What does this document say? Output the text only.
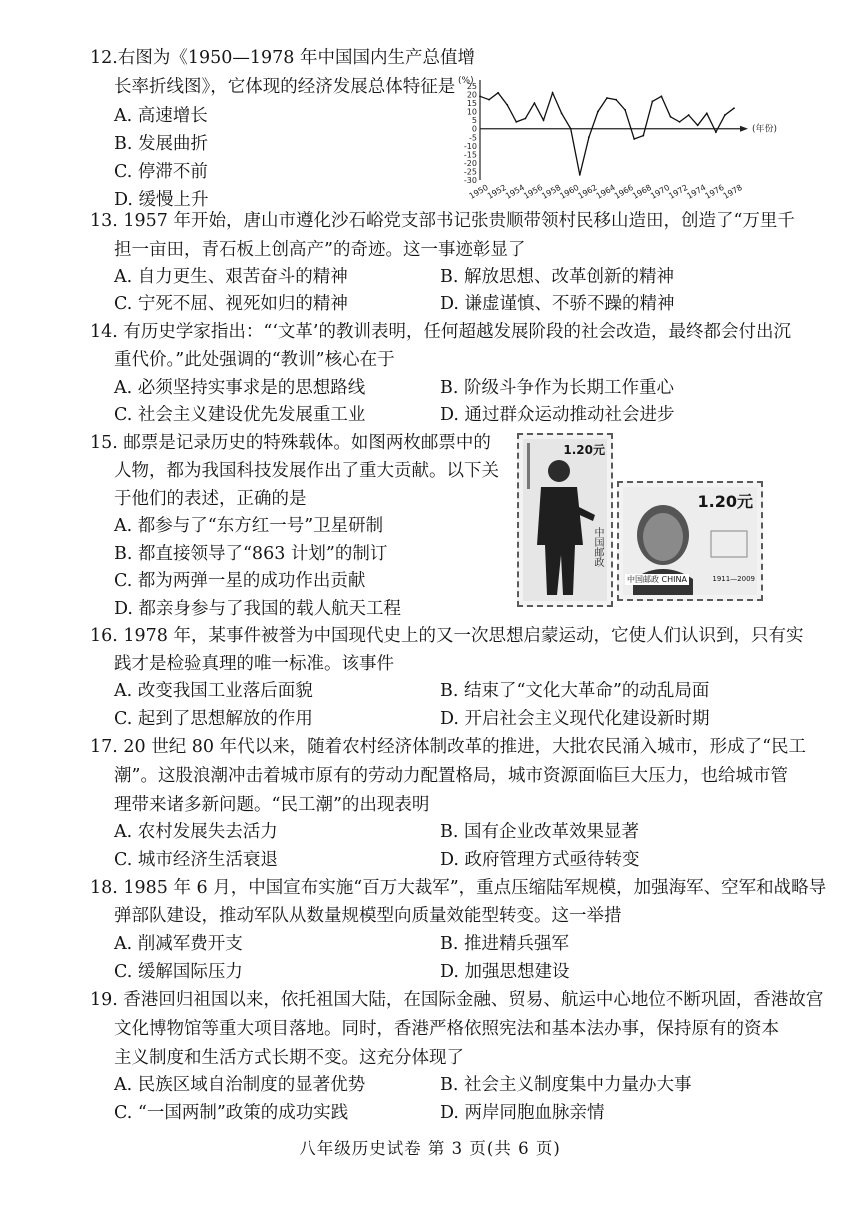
12.右图为《1950—1978 年中国国内生产总值增
长率折线图》，它体现的经济发展总体特征是
A. 高速增长
B. 发展曲折
C. 停滞不前
D. 缓慢上升
(%)
(年份)
25
20
15
10
5
0
-5
-10
-15
-20
-25
-30
1950
1952
1954
1956
1958
1960
1962
1964
1966
1968
1970
1972
1974
1976
1978
13. 1957 年开始，唐山市遵化沙石峪党支部书记张贵顺带领村民移山造田，创造了“万里千
担一亩田，青石板上创高产”的奇迹。这一事迹彰显了
A. 自力更生、艰苦奋斗的精神	B. 解放思想、改革创新的精神
C. 宁死不屈、视死如归的精神	D. 谦虚谨慎、不骄不躁的精神
14. 有历史学家指出：“‘文革’的教训表明，任何超越发展阶段的社会改造，最终都会付出沉
重代价。”此处强调的“教训”核心在于
A. 必须坚持实事求是的思想路线	B. 阶级斗争作为长期工作重心
C. 社会主义建设优先发展重工业	D. 通过群众运动推动社会进步
15. 邮票是记录历史的特殊载体。如图两枚邮票中的
人物，都为我国科技发展作出了重大贡献。以下关
于他们的表述，正确的是
A. 都参与了“东方红一号”卫星研制
B. 都直接领导了“863 计划”的制订
C. 都为两弹一星的成功作出贡献
D. 都亲身参与了我国的载人航天工程
1.20元
中国邮政
1.20元
中国邮政 CHINA	1911—2009
16. 1978 年，某事件被誉为中国现代史上的又一次思想启蒙运动，它使人们认识到，只有实
践才是检验真理的唯一标准。该事件
A. 改变我国工业落后面貌	B. 结束了“文化大革命”的动乱局面
C. 起到了思想解放的作用	D. 开启社会主义现代化建设新时期
17. 20 世纪 80 年代以来，随着农村经济体制改革的推进，大批农民涌入城市，形成了“民工
潮”。这股浪潮冲击着城市原有的劳动力配置格局，城市资源面临巨大压力，也给城市管
理带来诸多新问题。“民工潮”的出现表明
A. 农村发展失去活力	B. 国有企业改革效果显著
C. 城市经济生活衰退	D. 政府管理方式亟待转变
18. 1985 年 6 月，中国宣布实施“百万大裁军”，重点压缩陆军规模，加强海军、空军和战略导
弹部队建设，推动军队从数量规模型向质量效能型转变。这一举措
A. 削减军费开支	B. 推进精兵强军
C. 缓解国际压力	D. 加强思想建设
19. 香港回归祖国以来，依托祖国大陆，在国际金融、贸易、航运中心地位不断巩固，香港故宫
文化博物馆等重大项目落地。同时，香港严格依照宪法和基本法办事，保持原有的资本
主义制度和生活方式长期不变。这充分体现了
A. 民族区域自治制度的显著优势	B. 社会主义制度集中力量办大事
C. “一国两制”政策的成功实践	D. 两岸同胞血脉亲情
八年级历史试卷 第 3 页(共 6 页)
